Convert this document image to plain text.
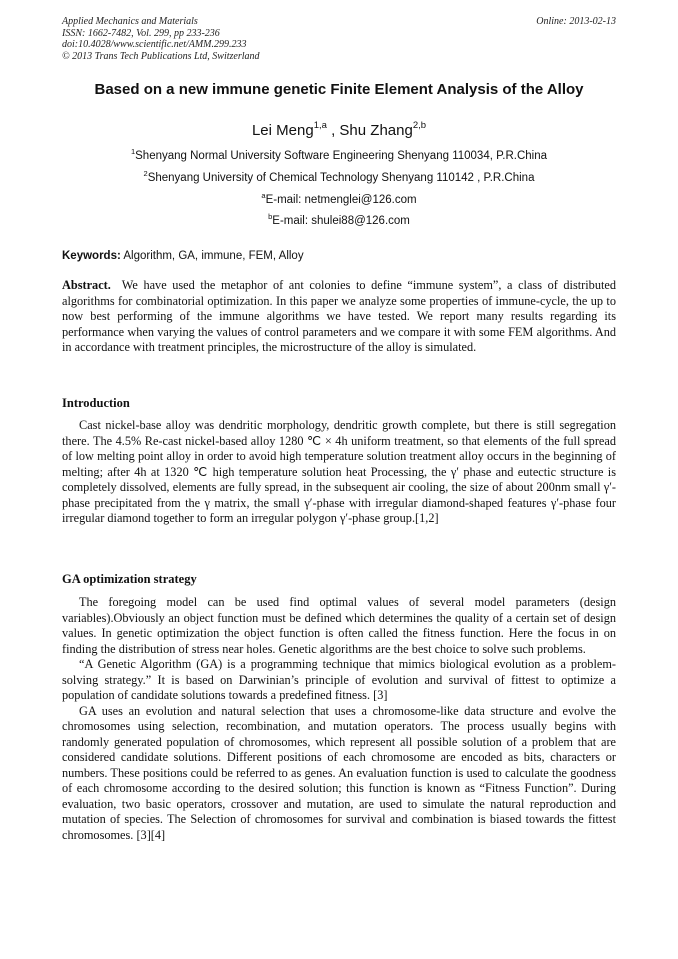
Applied Mechanics and Materials
ISSN: 1662-7482, Vol. 299, pp 233-236
doi:10.4028/www.scientific.net/AMM.299.233
© 2013 Trans Tech Publications Ltd, Switzerland
Online: 2013-02-13
Based on a new immune genetic Finite Element Analysis of the Alloy
Lei Meng$^{1,a}$ , Shu Zhang$^{2,b}$
$^1$Shenyang Normal University Software Engineering Shenyang 110034, P.R.China
$^2$Shenyang University of Chemical Technology Shenyang 110142 , P.R.China
$^a$E-mail: netmenglei@126.com
$^b$E-mail: shulei88@126.com
Keywords: Algorithm, GA, immune, FEM, Alloy

Abstract.  We have used the metaphor of ant colonies to define “immune system”, a class of distributed algorithms for combinatorial optimization. In this paper we analyze some properties of immune-cycle, the up to now best performing of the immune algorithms we have tested. We report many results regarding its performance when varying the values of control parameters and we compare it with some FEM algorithms. And in accordance with treatment principles, the microstructure of the alloy is simulated.

Introduction

Cast nickel-base alloy was dendritic morphology, dendritic growth complete, but there is still segregation there. The 4.5% Re-cast nickel-based alloy 1280 ℃ × 4h uniform treatment, so that elements of the full spread of low melting point alloy in order to avoid high temperature solution treatment alloy occurs in the beginning of melting; after 4h at 1320 ℃ high temperature solution heat Processing, the γ′ phase and eutectic structure is completely dissolved, elements are fully spread, in the subsequent air cooling, the size of about 200nm small γ′-phase precipitated from the γ matrix, the small γ′-phase with irregular diamond-shaped features γ′-phase four irregular diamond together to form an irregular polygon γ′-phase group.[1,2]

GA optimization strategy

The foregoing model can be used find optimal values of several model parameters (design variables).Obviously an object function must be defined which determines the quality of a certain set of design values. In genetic optimization the object function is often called the fitness function. Here the focus in on finding the distribution of stress near holes. Genetic algorithms are the best choice to solve such problems.

“A Genetic Algorithm (GA) is a programming technique that mimics biological evolution as a problem-solving strategy.” It is based on Darwinian’s principle of evolution and survival of fittest to optimize a population of candidate solutions towards a predefined fitness. [3]

GA uses an evolution and natural selection that uses a chromosome-like data structure and evolve the chromosomes using selection, recombination, and mutation operators. The process usually begins with randomly generated population of chromosomes, which represent all possible solution of a problem that are considered candidate solutions. Different positions of each chromosome are encoded as bits, characters or numbers. These positions could be referred to as genes. An evaluation function is used to calculate the goodness of each chromosome according to the desired solution; this function is known as “Fitness Function”. During evaluation, two basic operators, crossover and mutation, are used to simulate the natural reproduction and mutation of species. The Selection of chromosomes for survival and combination is biased towards the fittest chromosomes. [3][4]
